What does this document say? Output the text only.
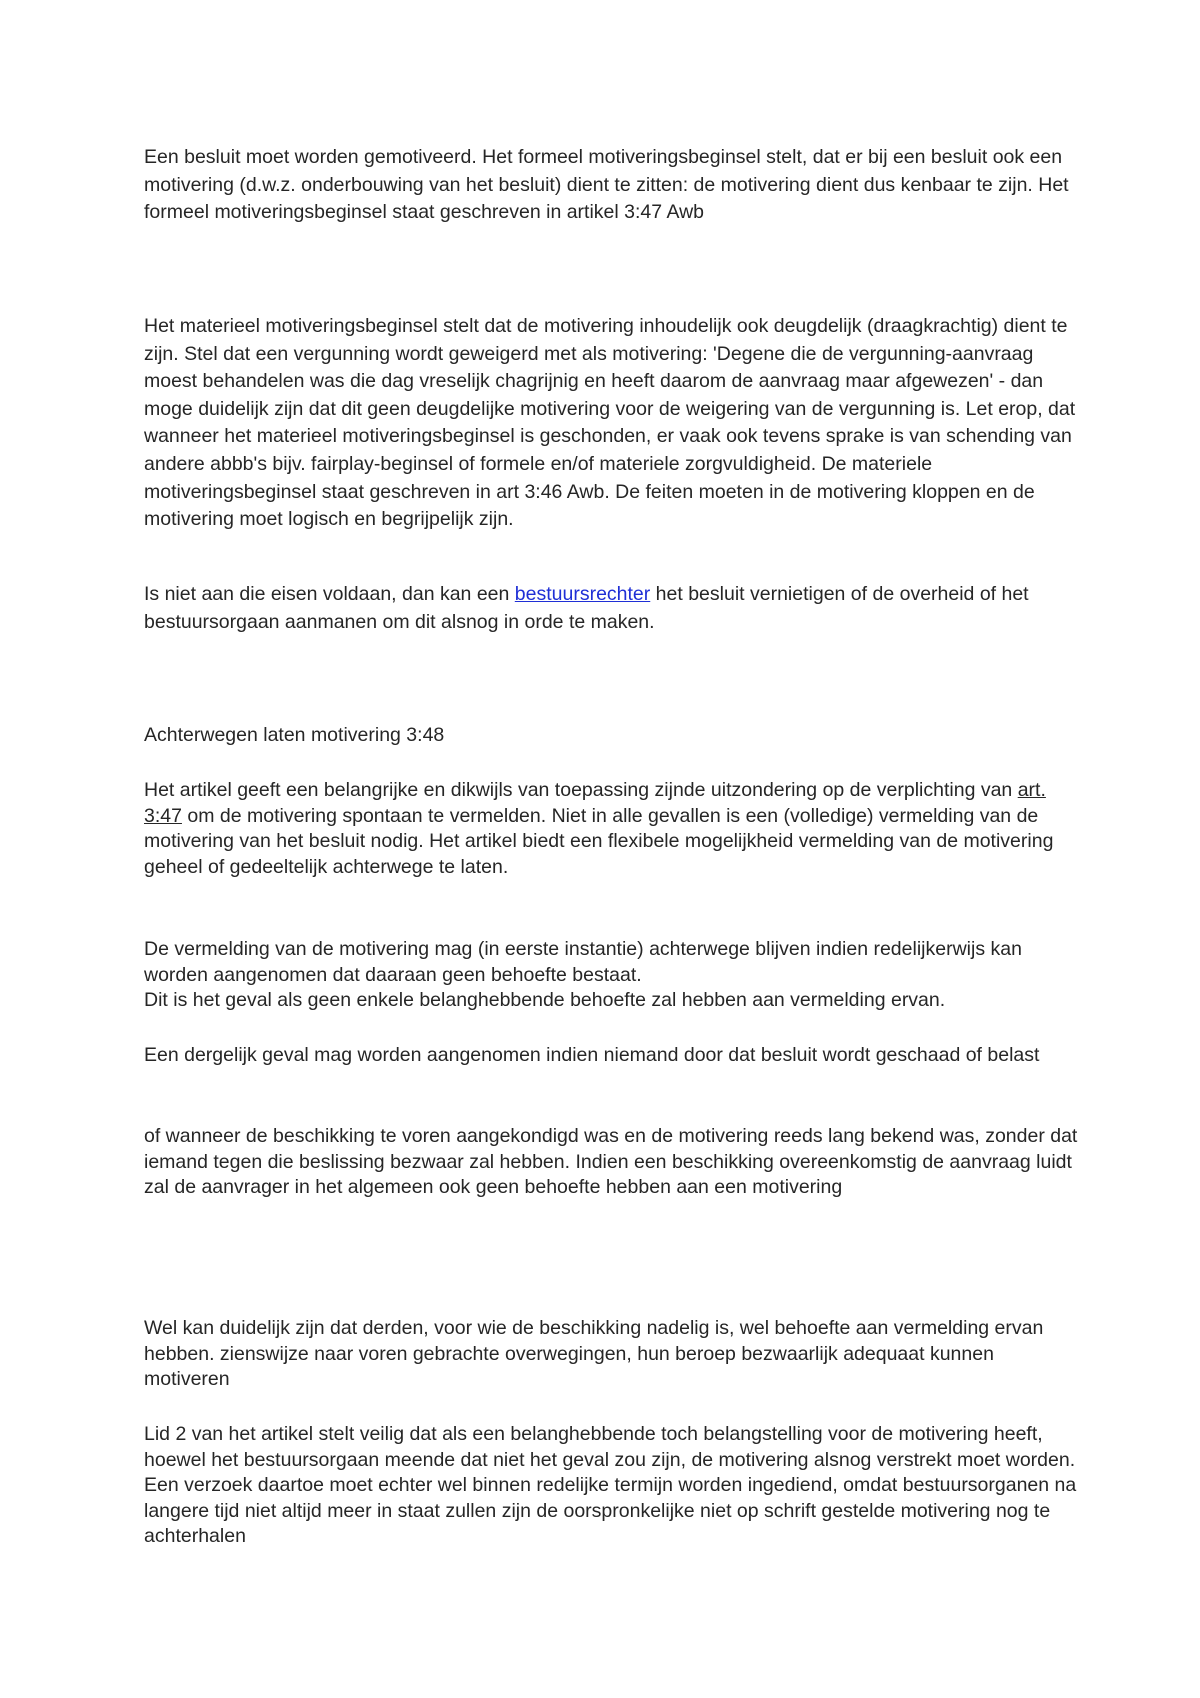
Een besluit moet worden gemotiveerd. Het formeel motiveringsbeginsel stelt, dat er bij een besluit ook een motivering (d.w.z. onderbouwing van het besluit) dient te zitten: de motivering dient dus kenbaar te zijn. Het formeel motiveringsbeginsel staat geschreven in artikel 3:47 Awb

Het materieel motiveringsbeginsel stelt dat de motivering inhoudelijk ook deugdelijk (draagkrachtig) dient te zijn. Stel dat een vergunning wordt geweigerd met als motivering: 'Degene die de vergunning-aanvraag moest behandelen was die dag vreselijk chagrijnig en heeft daarom de aanvraag maar afgewezen' - dan moge duidelijk zijn dat dit geen deugdelijke motivering voor de weigering van de vergunning is. Let erop, dat wanneer het materieel motiveringsbeginsel is geschonden, er vaak ook tevens sprake is van schending van andere abbb's bijv. fairplay-beginsel of formele en/of materiele zorgvuldigheid. De materiele motiveringsbeginsel staat geschreven in art 3:46 Awb. De feiten moeten in de motivering kloppen en de motivering moet logisch en begrijpelijk zijn.

Is niet aan die eisen voldaan, dan kan een bestuursrechter het besluit vernietigen of de overheid of het bestuursorgaan aanmanen om dit alsnog in orde te maken.

Achterwegen laten motivering 3:48

Het artikel geeft een belangrijke en dikwijls van toepassing zijnde uitzondering op de verplichting van art. 3:47 om de motivering spontaan te vermelden. Niet in alle gevallen is een (volledige) vermelding van de motivering van het besluit nodig. Het artikel biedt een flexibele mogelijkheid vermelding van de motivering geheel of gedeeltelijk achterwege te laten.

De vermelding van de motivering mag (in eerste instantie) achterwege blijven indien redelijkerwijs kan worden aangenomen dat daaraan geen behoefte bestaat.
Dit is het geval als geen enkele belanghebbende behoefte zal hebben aan vermelding ervan.

Een dergelijk geval mag worden aangenomen indien niemand door dat besluit wordt geschaad of belast

of wanneer de beschikking te voren aangekondigd was en de motivering reeds lang bekend was, zonder dat iemand tegen die beslissing bezwaar zal hebben. Indien een beschikking overeenkomstig de aanvraag luidt zal de aanvrager in het algemeen ook geen behoefte hebben aan een motivering

Wel kan duidelijk zijn dat derden, voor wie de beschikking nadelig is, wel behoefte aan vermelding ervan hebben. zienswijze naar voren gebrachte overwegingen, hun beroep bezwaarlijk adequaat kunnen motiveren

Lid 2 van het artikel stelt veilig dat als een belanghebbende toch belangstelling voor de motivering heeft, hoewel het bestuursorgaan meende dat niet het geval zou zijn, de motivering alsnog verstrekt moet worden. Een verzoek daartoe moet echter wel binnen redelijke termijn worden ingediend, omdat bestuursorganen na langere tijd niet altijd meer in staat zullen zijn de oorspronkelijke niet op schrift gestelde motivering nog te achterhalen
